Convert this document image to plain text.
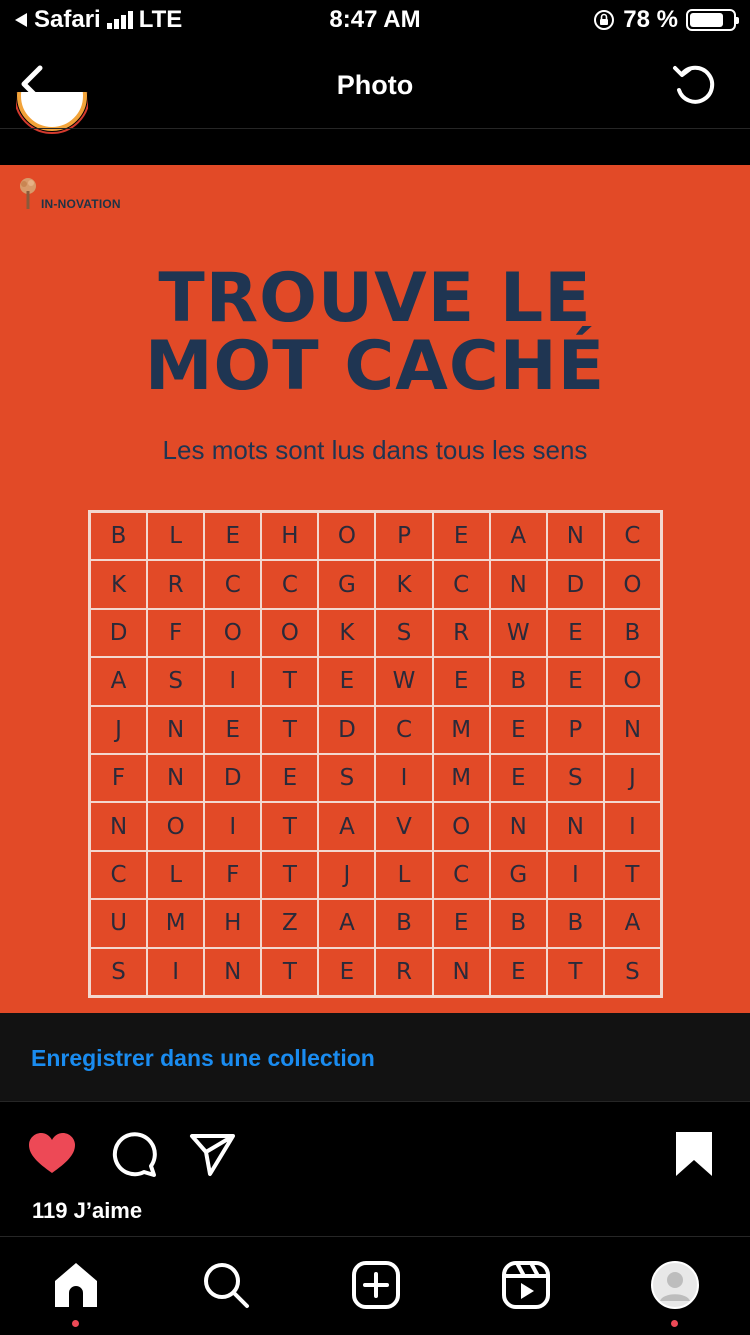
Safari LTE	8:47 AM	78 %
Photo
IN-NOVATION
TROUVE LE
MOT CACHÉ
Les mots sont lus dans tous les sens
B	L	E	H	O	P	E	A	N	C
K	R	C	C	G	K	C	N	D	O
D	F	O	O	K	S	R	W	E	B
A	S	I	T	E	W	E	B	E	O
J	N	E	T	D	C	M	E	P	N
F	N	D	E	S	I	M	E	S	J
N	O	I	T	A	V	O	N	N	I
C	L	F	T	J	L	C	G	I	T
U	M	H	Z	A	B	E	B	B	A
S	I	N	T	E	R	N	E	T	S
Enregistrer dans une collection
119 J’aime
